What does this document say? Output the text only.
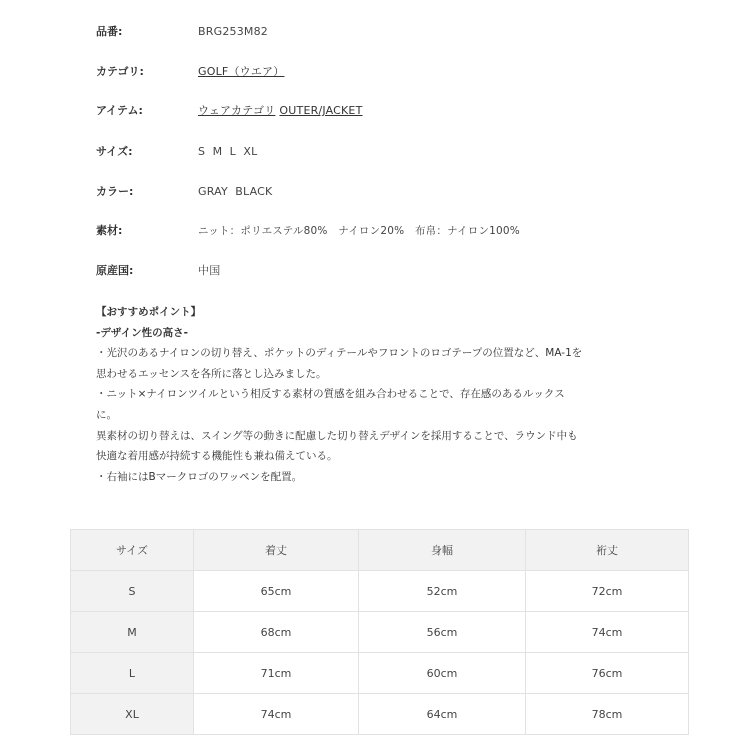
品番:	BRG253M82
カテゴリ:	GOLF（ウエア）
アイテム:	ウェアカテゴリ OUTER/JACKET
サイズ:	S  M  L  XL
カラー:	GRAY  BLACK
素材:	ニット：ポリエステル80%　ナイロン20%　布帛：ナイロン100%
原産国:	中国

【おすすめポイント】

-デザイン性の高さ-

・光沢のあるナイロンの切り替え、ポケットのディテールやフロントのロゴテープの位置など、MA-1を

思わせるエッセンスを各所に落とし込みました。

・ニット×ナイロンツイルという相反する素材の質感を組み合わせることで、存在感のあるルックス

に。

異素材の切り替えは、スイング等の動きに配慮した切り替えデザインを採用することで、ラウンド中も

快適な着用感が持続する機能性も兼ね備えている。

・右袖にはBマークロゴのワッペンを配置。

サイズ	着丈	身幅	裄丈
S	65cm	52cm	72cm
M	68cm	56cm	74cm
L	71cm	60cm	76cm
XL	74cm	64cm	78cm
